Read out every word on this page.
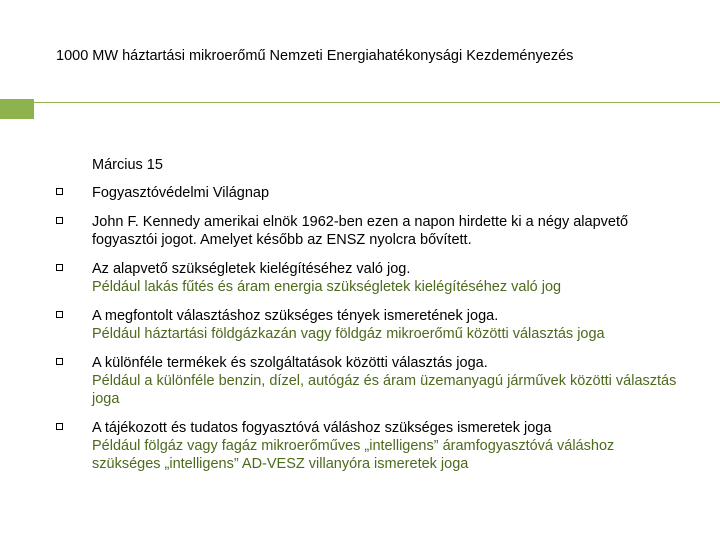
1000 MW háztartási mikroerőmű Nemzeti Energiahatékonysági Kezdeményezés
Március 15
Fogyasztóvédelmi Világnap
John F. Kennedy amerikai elnök 1962-ben ezen a napon hirdette ki a négy alapvető fogyasztói jogot. Amelyet később az ENSZ nyolcra bővített.
Az alapvető szükségletek kielégítéséhez való jog.
Például lakás fűtés és áram energia szükségletek kielégítéséhez való jog
A megfontolt választáshoz szükséges tények ismeretének joga.
Például háztartási földgázkazán vagy földgáz mikroerőmű közötti választás joga
A különféle termékek és szolgáltatások közötti választás joga.
Például a különféle benzin, dízel, autógáz és áram üzemanyagú járművek közötti választás joga
A tájékozott és tudatos fogyasztóvá váláshoz szükséges ismeretek joga
Például fölgáz vagy fagáz mikroerőműves „intelligens” áramfogyasztóvá váláshoz szükséges „intelligens” AD-VESZ villanyóra ismeretek joga
